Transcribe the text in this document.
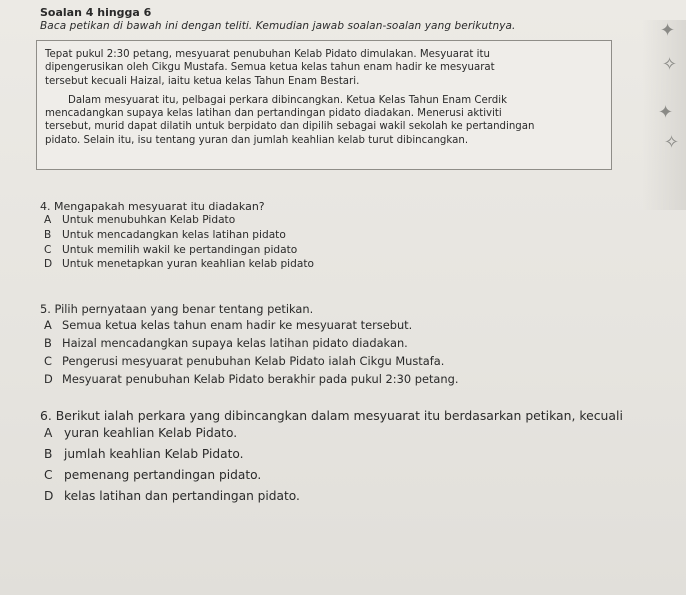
✦
✧
✦
✧
Soalan 4 hingga 6
Baca petikan di bawah ini dengan teliti. Kemudian jawab soalan-soalan yang berikutnya.

Tepat pukul 2:30 petang, mesyuarat penubuhan Kelab Pidato dimulakan. Mesyuarat itu
dipengerusikan oleh Cikgu Mustafa. Semua ketua kelas tahun enam hadir ke mesyuarat
tersebut kecuali Haizal, iaitu ketua kelas Tahun Enam Bestari.

Dalam mesyuarat itu, pelbagai perkara dibincangkan. Ketua Kelas Tahun Enam Cerdik
mencadangkan supaya kelas latihan dan pertandingan pidato diadakan. Menerusi aktiviti
tersebut, murid dapat dilatih untuk berpidato dan dipilih sebagai wakil sekolah ke pertandingan
pidato. Selain itu, isu tentang yuran dan jumlah keahlian kelab turut dibincangkan.

4. Mengapakah mesyuarat itu diadakan?

A Untuk menubuhkan Kelab Pidato

B Untuk mencadangkan kelas latihan pidato

C Untuk memilih wakil ke pertandingan pidato

D Untuk menetapkan yuran keahlian kelab pidato

5. Pilih pernyataan yang benar tentang petikan.

A Semua ketua kelas tahun enam hadir ke mesyuarat tersebut.

B Haizal mencadangkan supaya kelas latihan pidato diadakan.

C Pengerusi mesyuarat penubuhan Kelab Pidato ialah Cikgu Mustafa.

D Mesyuarat penubuhan Kelab Pidato berakhir pada pukul 2:30 petang.

6. Berikut ialah perkara yang dibincangkan dalam mesyuarat itu berdasarkan petikan, kecuali

A yuran keahlian Kelab Pidato.

B jumlah keahlian Kelab Pidato.

C pemenang pertandingan pidato.

D kelas latihan dan pertandingan pidato.
